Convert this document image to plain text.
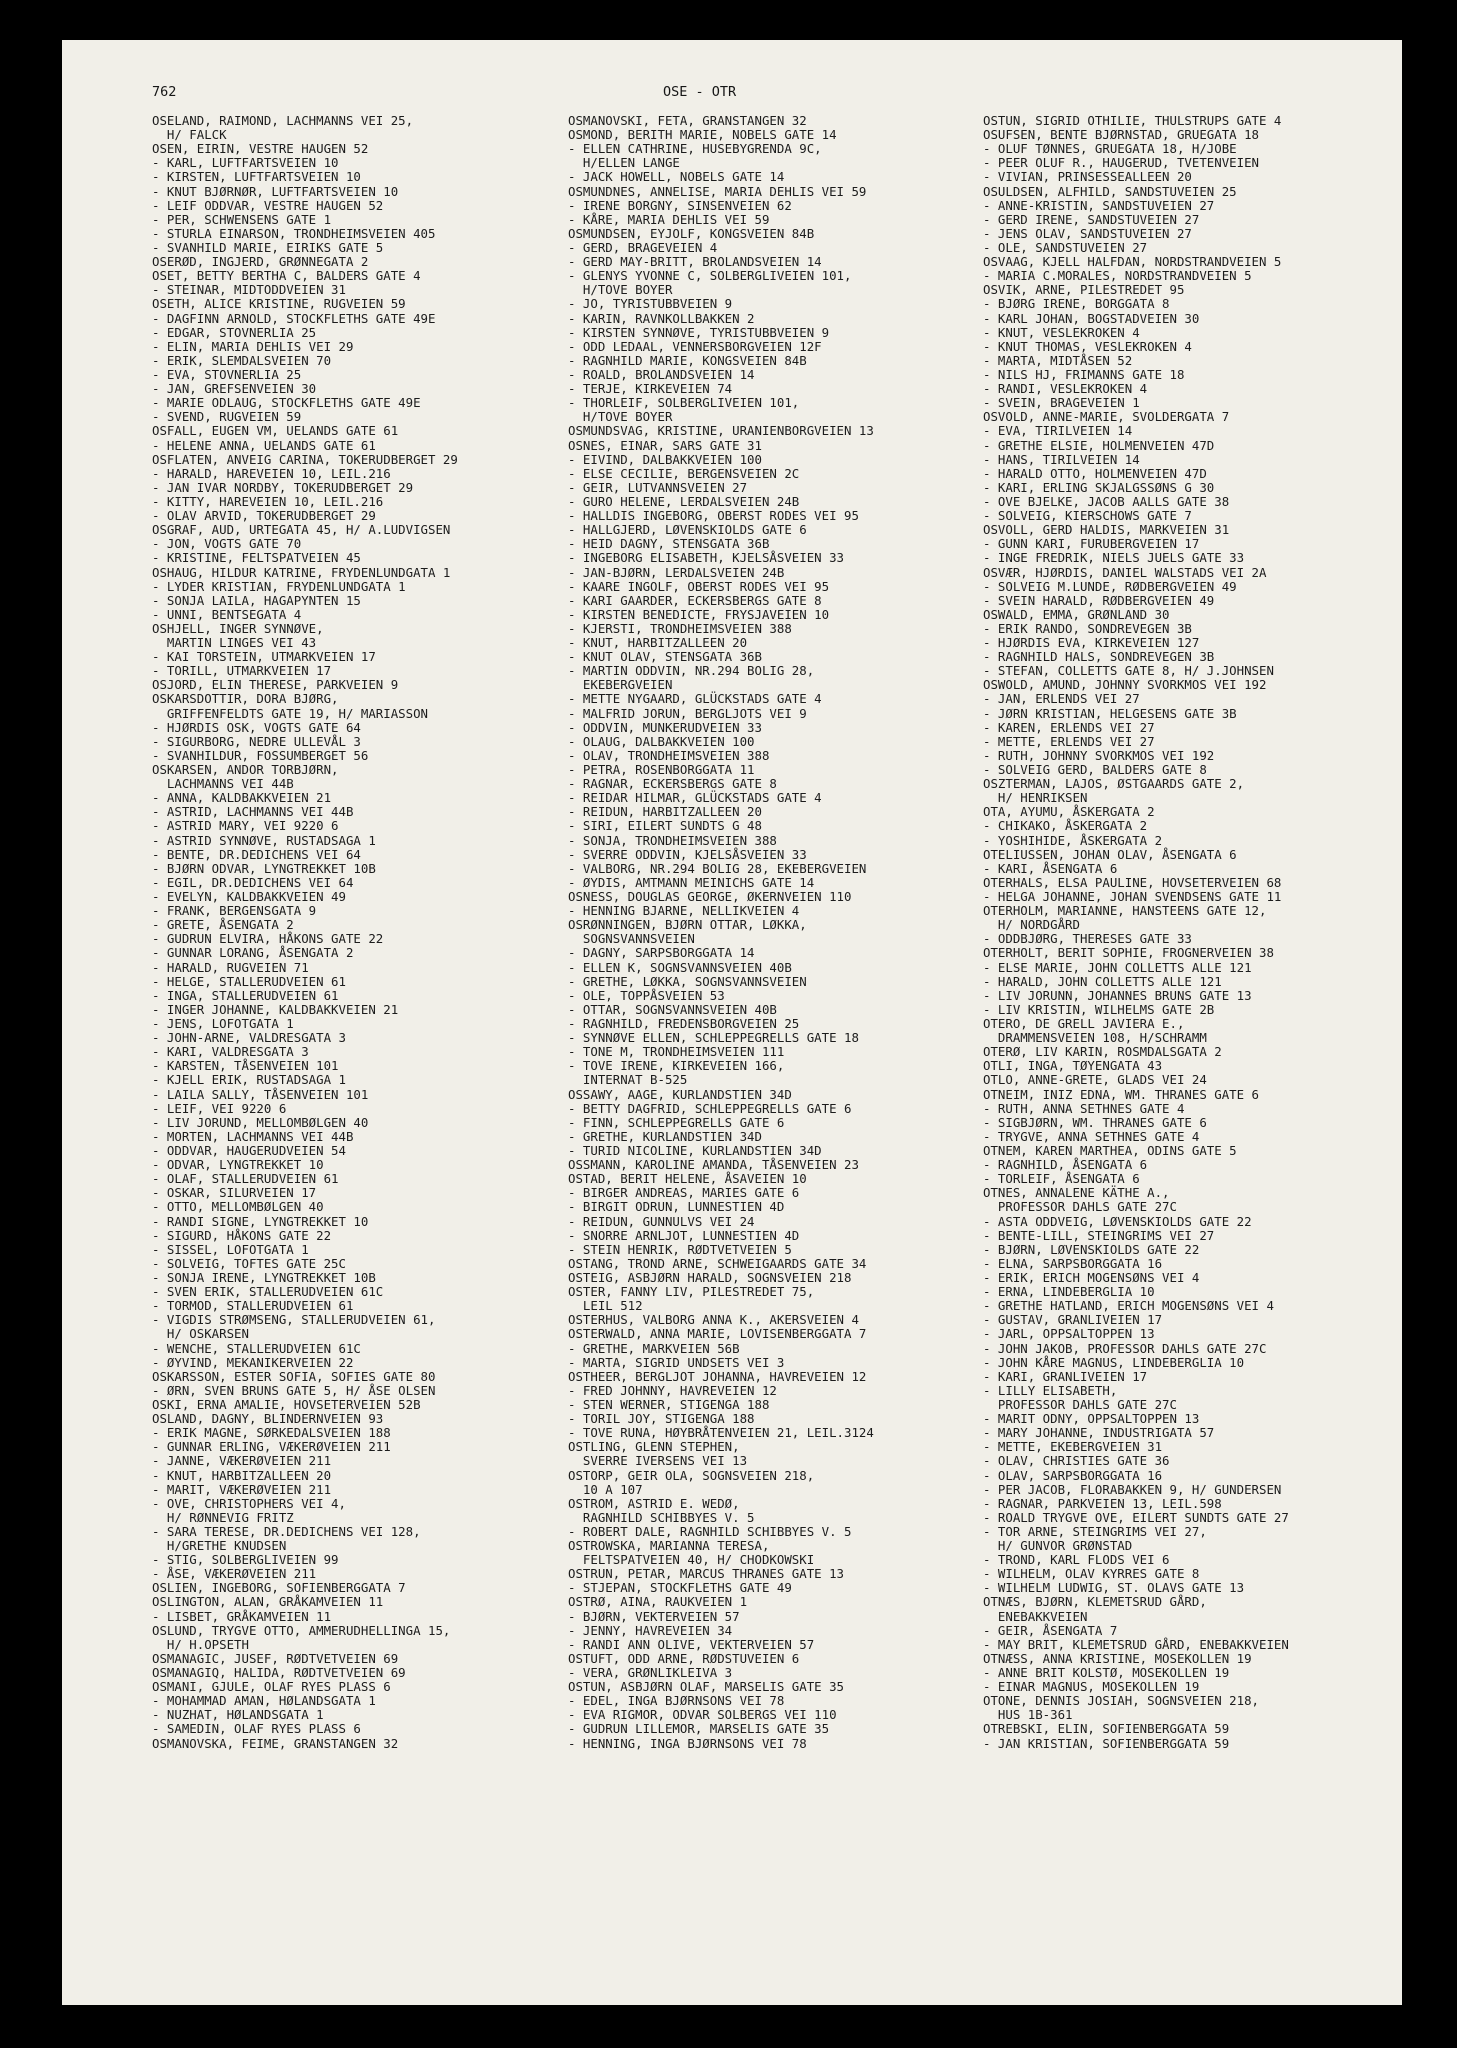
762	OSE - OTR
OSELAND, RAIMOND, LACHMANNS VEI 25,
H/ FALCK
OSEN, EIRIN, VESTRE HAUGEN 52
- KARL, LUFTFARTSVEIEN 10
- KIRSTEN, LUFTFARTSVEIEN 10
- KNUT BJØRNØR, LUFTFARTSVEIEN 10
- LEIF ODDVAR, VESTRE HAUGEN 52
- PER, SCHWENSENS GATE 1
- STURLA EINARSON, TRONDHEIMSVEIEN 405
- SVANHILD MARIE, EIRIKS GATE 5
OSERØD, INGJERD, GRØNNEGATA 2
OSET, BETTY BERTHA C, BALDERS GATE 4
- STEINAR, MIDTODDVEIEN 31
OSETH, ALICE KRISTINE, RUGVEIEN 59
- DAGFINN ARNOLD, STOCKFLETHS GATE 49E
- EDGAR, STOVNERLIA 25
- ELIN, MARIA DEHLIS VEI 29
- ERIK, SLEMDALSVEIEN 70
- EVA, STOVNERLIA 25
- JAN, GREFSENVEIEN 30
- MARIE ODLAUG, STOCKFLETHS GATE 49E
- SVEND, RUGVEIEN 59
OSFALL, EUGEN VM, UELANDS GATE 61
- HELENE ANNA, UELANDS GATE 61
OSFLATEN, ANVEIG CARINA, TOKERUDBERGET 29
- HARALD, HAREVEIEN 10, LEIL.216
- JAN IVAR NORDBY, TOKERUDBERGET 29
- KITTY, HAREVEIEN 10, LEIL.216
- OLAV ARVID, TOKERUDBERGET 29
OSGRAF, AUD, URTEGATA 45, H/ A.LUDVIGSEN
- JON, VOGTS GATE 70
- KRISTINE, FELTSPATVEIEN 45
OSHAUG, HILDUR KATRINE, FRYDENLUNDGATA 1
- LYDER KRISTIAN, FRYDENLUNDGATA 1
- SONJA LAILA, HAGAPYNTEN 15
- UNNI, BENTSEGATA 4
OSHJELL, INGER SYNNØVE,
MARTIN LINGES VEI 43
- KAI TORSTEIN, UTMARKVEIEN 17
- TORILL, UTMARKVEIEN 17
OSJORD, ELIN THERESE, PARKVEIEN 9
OSKARSDOTTIR, DORA BJØRG,
GRIFFENFELDTS GATE 19, H/ MARIASSON
- HJØRDIS OSK, VOGTS GATE 64
- SIGURBORG, NEDRE ULLEVÅL 3
- SVANHILDUR, FOSSUMBERGET 56
OSKARSEN, ANDOR TORBJØRN,
LACHMANNS VEI 44B
- ANNA, KALDBAKKVEIEN 21
- ASTRID, LACHMANNS VEI 44B
- ASTRID MARY, VEI 9220 6
- ASTRID SYNNØVE, RUSTADSAGA 1
- BENTE, DR.DEDICHENS VEI 64
- BJØRN ODVAR, LYNGTREKKET 10B
- EGIL, DR.DEDICHENS VEI 64
- EVELYN, KALDBAKKVEIEN 49
- FRANK, BERGENSGATA 9
- GRETE, ÅSENGATA 2
- GUDRUN ELVIRA, HÅKONS GATE 22
- GUNNAR LORANG, ÅSENGATA 2
- HARALD, RUGVEIEN 71
- HELGE, STALLERUDVEIEN 61
- INGA, STALLERUDVEIEN 61
- INGER JOHANNE, KALDBAKKVEIEN 21
- JENS, LOFOTGATA 1
- JOHN-ARNE, VALDRESGATA 3
- KARI, VALDRESGATA 3
- KARSTEN, TÅSENVEIEN 101
- KJELL ERIK, RUSTADSAGA 1
- LAILA SALLY, TÅSENVEIEN 101
- LEIF, VEI 9220 6
- LIV JORUND, MELLOMBØLGEN 40
- MORTEN, LACHMANNS VEI 44B
- ODDVAR, HAUGERUDVEIEN 54
- ODVAR, LYNGTREKKET 10
- OLAF, STALLERUDVEIEN 61
- OSKAR, SILURVEIEN 17
- OTTO, MELLOMBØLGEN 40
- RANDI SIGNE, LYNGTREKKET 10
- SIGURD, HÅKONS GATE 22
- SISSEL, LOFOTGATA 1
- SOLVEIG, TOFTES GATE 25C
- SONJA IRENE, LYNGTREKKET 10B
- SVEN ERIK, STALLERUDVEIEN 61C
- TORMOD, STALLERUDVEIEN 61
- VIGDIS STRØMSENG, STALLERUDVEIEN 61,
H/ OSKARSEN
- WENCHE, STALLERUDVEIEN 61C
- ØYVIND, MEKANIKERVEIEN 22
OSKARSSON, ESTER SOFIA, SOFIES GATE 80
- ØRN, SVEN BRUNS GATE 5, H/ ÅSE OLSEN
OSKI, ERNA AMALIE, HOVSETERVEIEN 52B
OSLAND, DAGNY, BLINDERNVEIEN 93
- ERIK MAGNE, SØRKEDALSVEIEN 188
- GUNNAR ERLING, VÆKERØVEIEN 211
- JANNE, VÆKERØVEIEN 211
- KNUT, HARBITZALLEEN 20
- MARIT, VÆKERØVEIEN 211
- OVE, CHRISTOPHERS VEI 4,
H/ RØNNEVIG FRITZ
- SARA TERESE, DR.DEDICHENS VEI 128,
H/GRETHE KNUDSEN
- STIG, SOLBERGLIVEIEN 99
- ÅSE, VÆKERØVEIEN 211
OSLIEN, INGEBORG, SOFIENBERGGATA 7
OSLINGTON, ALAN, GRÅKAMVEIEN 11
- LISBET, GRÅKAMVEIEN 11
OSLUND, TRYGVE OTTO, AMMERUDHELLINGA 15,
H/ H.OPSETH
OSMANAGIC, JUSEF, RØDTVETVEIEN 69
OSMANAGIQ, HALIDA, RØDTVETVEIEN 69
OSMANI, GJULE, OLAF RYES PLASS 6
- MOHAMMAD AMAN, HØLANDSGATA 1
- NUZHAT, HØLANDSGATA 1
- SAMEDIN, OLAF RYES PLASS 6
OSMANOVSKA, FEIME, GRANSTANGEN 32
OSMANOVSKI, FETA, GRANSTANGEN 32
OSMOND, BERITH MARIE, NOBELS GATE 14
- ELLEN CATHRINE, HUSEBYGRENDA 9C,
H/ELLEN LANGE
- JACK HOWELL, NOBELS GATE 14
OSMUNDNES, ANNELISE, MARIA DEHLIS VEI 59
- IRENE BORGNY, SINSENVEIEN 62
- KÅRE, MARIA DEHLIS VEI 59
OSMUNDSEN, EYJOLF, KONGSVEIEN 84B
- GERD, BRAGEVEIEN 4
- GERD MAY-BRITT, BROLANDSVEIEN 14
- GLENYS YVONNE C, SOLBERGLIVEIEN 101,
H/TOVE BOYER
- JO, TYRISTUBBVEIEN 9
- KARIN, RAVNKOLLBAKKEN 2
- KIRSTEN SYNNØVE, TYRISTUBBVEIEN 9
- ODD LEDAAL, VENNERSBORGVEIEN 12F
- RAGNHILD MARIE, KONGSVEIEN 84B
- ROALD, BROLANDSVEIEN 14
- TERJE, KIRKEVEIEN 74
- THORLEIF, SOLBERGLIVEIEN 101,
H/TOVE BOYER
OSMUNDSVAG, KRISTINE, URANIENBORGVEIEN 13
OSNES, EINAR, SARS GATE 31
- EIVIND, DALBAKKVEIEN 100
- ELSE CECILIE, BERGENSVEIEN 2C
- GEIR, LUTVANNSVEIEN 27
- GURO HELENE, LERDALSVEIEN 24B
- HALLDIS INGEBORG, OBERST RODES VEI 95
- HALLGJERD, LØVENSKIOLDS GATE 6
- HEID DAGNY, STENSGATA 36B
- INGEBORG ELISABETH, KJELSÅSVEIEN 33
- JAN-BJØRN, LERDALSVEIEN 24B
- KAARE INGOLF, OBERST RODES VEI 95
- KARI GAARDER, ECKERSBERGS GATE 8
- KIRSTEN BENEDICTE, FRYSJAVEIEN 10
- KJERSTI, TRONDHEIMSVEIEN 388
- KNUT, HARBITZALLEEN 20
- KNUT OLAV, STENSGATA 36B
- MARTIN ODDVIN, NR.294 BOLIG 28,
EKEBERGVEIEN
- METTE NYGAARD, GLÜCKSTADS GATE 4
- MALFRID JORUN, BERGLJOTS VEI 9
- ODDVIN, MUNKERUDVEIEN 33
- OLAUG, DALBAKKVEIEN 100
- OLAV, TRONDHEIMSVEIEN 388
- PETRA, ROSENBORGGATA 11
- RAGNAR, ECKERSBERGS GATE 8
- REIDAR HILMAR, GLÜCKSTADS GATE 4
- REIDUN, HARBITZALLEEN 20
- SIRI, EILERT SUNDTS G 48
- SONJA, TRONDHEIMSVEIEN 388
- SVERRE ODDVIN, KJELSÅSVEIEN 33
- VALBORG, NR.294 BOLIG 28, EKEBERGVEIEN
- ØYDIS, AMTMANN MEINICHS GATE 14
OSNESS, DOUGLAS GEORGE, ØKERNVEIEN 110
- HENNING BJARNE, NELLIKVEIEN 4
OSRØNNINGEN, BJØRN OTTAR, LØKKA,
SOGNSVANNSVEIEN
- DAGNY, SARPSBORGGATA 14
- ELLEN K, SOGNSVANNSVEIEN 40B
- GRETHE, LØKKA, SOGNSVANNSVEIEN
- OLE, TOPPÅSVEIEN 53
- OTTAR, SOGNSVANNSVEIEN 40B
- RAGNHILD, FREDENSBORGVEIEN 25
- SYNNØVE ELLEN, SCHLEPPEGRELLS GATE 18
- TONE M, TRONDHEIMSVEIEN 111
- TOVE IRENE, KIRKEVEIEN 166,
INTERNAT B-525
OSSAWY, AAGE, KURLANDSTIEN 34D
- BETTY DAGFRID, SCHLEPPEGRELLS GATE 6
- FINN, SCHLEPPEGRELLS GATE 6
- GRETHE, KURLANDSTIEN 34D
- TURID NICOLINE, KURLANDSTIEN 34D
OSSMANN, KAROLINE AMANDA, TÅSENVEIEN 23
OSTAD, BERIT HELENE, ÅSAVEIEN 10
- BIRGER ANDREAS, MARIES GATE 6
- BIRGIT ODRUN, LUNNESTIEN 4D
- REIDUN, GUNNULVS VEI 24
- SNORRE ARNLJOT, LUNNESTIEN 4D
- STEIN HENRIK, RØDTVETVEIEN 5
OSTANG, TROND ARNE, SCHWEIGAARDS GATE 34
OSTEIG, ASBJØRN HARALD, SOGNSVEIEN 218
OSTER, FANNY LIV, PILESTREDET 75,
LEIL 512
OSTERHUS, VALBORG ANNA K., AKERSVEIEN 4
OSTERWALD, ANNA MARIE, LOVISENBERGGATA 7
- GRETHE, MARKVEIEN 56B
- MARTA, SIGRID UNDSETS VEI 3
OSTHEER, BERGLJOT JOHANNA, HAVREVEIEN 12
- FRED JOHNNY, HAVREVEIEN 12
- STEN WERNER, STIGENGA 188
- TORIL JOY, STIGENGA 188
- TOVE RUNA, HØYBRÅTENVEIEN 21, LEIL.3124
OSTLING, GLENN STEPHEN,
SVERRE IVERSENS VEI 13
OSTORP, GEIR OLA, SOGNSVEIEN 218,
10 A 107
OSTROM, ASTRID E. WEDØ,
RAGNHILD SCHIBBYES V. 5
- ROBERT DALE, RAGNHILD SCHIBBYES V. 5
OSTROWSKA, MARIANNA TERESA,
FELTSPATVEIEN 40, H/ CHODKOWSKI
OSTRUN, PETAR, MARCUS THRANES GATE 13
- STJEPAN, STOCKFLETHS GATE 49
OSTRØ, AINA, RAUKVEIEN 1
- BJØRN, VEKTERVEIEN 57
- JENNY, HAVREVEIEN 34
- RANDI ANN OLIVE, VEKTERVEIEN 57
OSTUFT, ODD ARNE, RØDSTUVEIEN 6
- VERA, GRØNLIKLEIVA 3
OSTUN, ASBJØRN OLAF, MARSELIS GATE 35
- EDEL, INGA BJØRNSONS VEI 78
- EVA RIGMOR, ODVAR SOLBERGS VEI 110
- GUDRUN LILLEMOR, MARSELIS GATE 35
- HENNING, INGA BJØRNSONS VEI 78
OSTUN, SIGRID OTHILIE, THULSTRUPS GATE 4
OSUFSEN, BENTE BJØRNSTAD, GRUEGATA 18
- OLUF TØNNES, GRUEGATA 18, H/JOBE
- PEER OLUF R., HAUGERUD, TVETENVEIEN
- VIVIAN, PRINSESSEALLEEN 20
OSULDSEN, ALFHILD, SANDSTUVEIEN 25
- ANNE-KRISTIN, SANDSTUVEIEN 27
- GERD IRENE, SANDSTUVEIEN 27
- JENS OLAV, SANDSTUVEIEN 27
- OLE, SANDSTUVEIEN 27
OSVAAG, KJELL HALFDAN, NORDSTRANDVEIEN 5
- MARIA C.MORALES, NORDSTRANDVEIEN 5
OSVIK, ARNE, PILESTREDET 95
- BJØRG IRENE, BORGGATA 8
- KARL JOHAN, BOGSTADVEIEN 30
- KNUT, VESLEKROKEN 4
- KNUT THOMAS, VESLEKROKEN 4
- MARTA, MIDTÅSEN 52
- NILS HJ, FRIMANNS GATE 18
- RANDI, VESLEKROKEN 4
- SVEIN, BRAGEVEIEN 1
OSVOLD, ANNE-MARIE, SVOLDERGATA 7
- EVA, TIRILVEIEN 14
- GRETHE ELSIE, HOLMENVEIEN 47D
- HANS, TIRILVEIEN 14
- HARALD OTTO, HOLMENVEIEN 47D
- KARI, ERLING SKJALGSSØNS G 30
- OVE BJELKE, JACOB AALLS GATE 38
- SOLVEIG, KIERSCHOWS GATE 7
OSVOLL, GERD HALDIS, MARKVEIEN 31
- GUNN KARI, FURUBERGVEIEN 17
- INGE FREDRIK, NIELS JUELS GATE 33
OSVÆR, HJØRDIS, DANIEL WALSTADS VEI 2A
- SOLVEIG M.LUNDE, RØDBERGVEIEN 49
- SVEIN HARALD, RØDBERGVEIEN 49
OSWALD, EMMA, GRØNLAND 30
- ERIK RANDO, SONDREVEGEN 3B
- HJØRDIS EVA, KIRKEVEIEN 127
- RAGNHILD HALS, SONDREVEGEN 3B
- STEFAN, COLLETTS GATE 8, H/ J.JOHNSEN
OSWOLD, AMUND, JOHNNY SVORKMOS VEI 192
- JAN, ERLENDS VEI 27
- JØRN KRISTIAN, HELGESENS GATE 3B
- KAREN, ERLENDS VEI 27
- METTE, ERLENDS VEI 27
- RUTH, JOHNNY SVORKMOS VEI 192
- SOLVEIG GERD, BALDERS GATE 8
OSZTERMAN, LAJOS, ØSTGAARDS GATE 2,
H/ HENRIKSEN
OTA, AYUMU, ÅSKERGATA 2
- CHIKAKO, ÅSKERGATA 2
- YOSHIHIDE, ÅSKERGATA 2
OTELIUSSEN, JOHAN OLAV, ÅSENGATA 6
- KARI, ÅSENGATA 6
OTERHALS, ELSA PAULINE, HOVSETERVEIEN 68
- HELGA JOHANNE, JOHAN SVENDSENS GATE 11
OTERHOLM, MARIANNE, HANSTEENS GATE 12,
H/ NORDGÅRD
- ODDBJØRG, THERESES GATE 33
OTERHOLT, BERIT SOPHIE, FROGNERVEIEN 38
- ELSE MARIE, JOHN COLLETTS ALLE 121
- HARALD, JOHN COLLETTS ALLE 121
- LIV JORUNN, JOHANNES BRUNS GATE 13
- LIV KRISTIN, WILHELMS GATE 2B
OTERO, DE GRELL JAVIERA E.,
DRAMMENSVEIEN 108, H/SCHRAMM
OTERØ, LIV KARIN, ROSMDALSGATA 2
OTLI, INGA, TØYENGATA 43
OTLO, ANNE-GRETE, GLADS VEI 24
OTNEIM, INIZ EDNA, WM. THRANES GATE 6
- RUTH, ANNA SETHNES GATE 4
- SIGBJØRN, WM. THRANES GATE 6
- TRYGVE, ANNA SETHNES GATE 4
OTNEM, KAREN MARTHEA, ODINS GATE 5
- RAGNHILD, ÅSENGATA 6
- TORLEIF, ÅSENGATA 6
OTNES, ANNALENE KÄTHE A.,
PROFESSOR DAHLS GATE 27C
- ASTA ODDVEIG, LØVENSKIOLDS GATE 22
- BENTE-LILL, STEINGRIMS VEI 27
- BJØRN, LØVENSKIOLDS GATE 22
- ELNA, SARPSBORGGATA 16
- ERIK, ERICH MOGENSØNS VEI 4
- ERNA, LINDEBERGLIA 10
- GRETHE HATLAND, ERICH MOGENSØNS VEI 4
- GUSTAV, GRANLIVEIEN 17
- JARL, OPPSALTOPPEN 13
- JOHN JAKOB, PROFESSOR DAHLS GATE 27C
- JOHN KÅRE MAGNUS, LINDEBERGLIA 10
- KARI, GRANLIVEIEN 17
- LILLY ELISABETH,
PROFESSOR DAHLS GATE 27C
- MARIT ODNY, OPPSALTOPPEN 13
- MARY JOHANNE, INDUSTRIGATA 57
- METTE, EKEBERGVEIEN 31
- OLAV, CHRISTIES GATE 36
- OLAV, SARPSBORGGATA 16
- PER JACOB, FLORABAKKEN 9, H/ GUNDERSEN
- RAGNAR, PARKVEIEN 13, LEIL.598
- ROALD TRYGVE OVE, EILERT SUNDTS GATE 27
- TOR ARNE, STEINGRIMS VEI 27,
H/ GUNVOR GRØNSTAD
- TROND, KARL FLODS VEI 6
- WILHELM, OLAV KYRRES GATE 8
- WILHELM LUDWIG, ST. OLAVS GATE 13
OTNÆS, BJØRN, KLEMETSRUD GÅRD,
ENEBAKKVEIEN
- GEIR, ÅSENGATA 7
- MAY BRIT, KLEMETSRUD GÅRD, ENEBAKKVEIEN
OTNÆSS, ANNA KRISTINE, MOSEKOLLEN 19
- ANNE BRIT KOLSTØ, MOSEKOLLEN 19
- EINAR MAGNUS, MOSEKOLLEN 19
OTONE, DENNIS JOSIAH, SOGNSVEIEN 218,
HUS 1B-361
OTREBSKI, ELIN, SOFIENBERGGATA 59
- JAN KRISTIAN, SOFIENBERGGATA 59
